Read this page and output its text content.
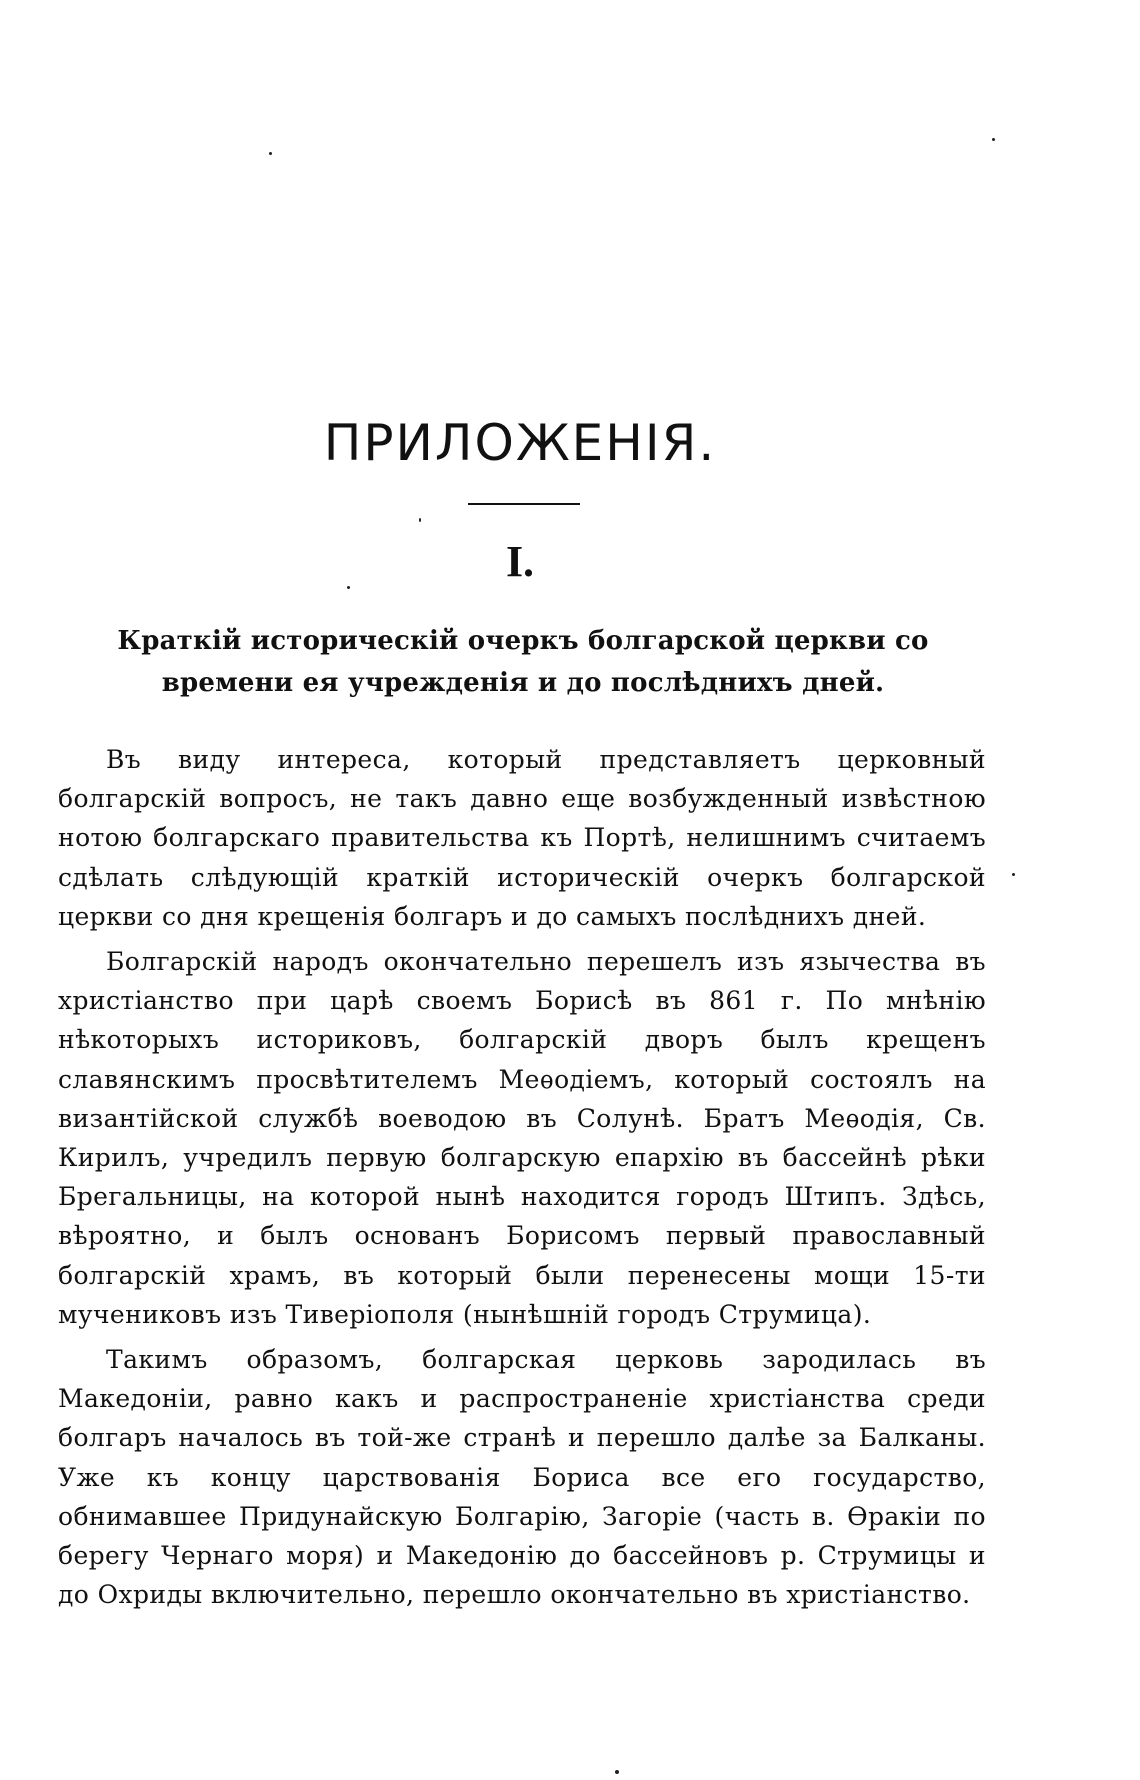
ПРИЛОЖЕНІЯ.
I.
Краткій историческій очеркъ болгарской церкви со времени ея учрежденія и до послѣднихъ дней.

Въ виду интереса, который представляетъ церковный болгарскій вопросъ, не такъ давно еще возбужденный извѣстною нотою болгарскаго правительства къ Портѣ, нелишнимъ считаемъ сдѣлать слѣдующій краткій историческій очеркъ болгарской церкви со дня крещенія болгаръ и до самыхъ послѣднихъ дней.

Болгарскій народъ окончательно перешелъ изъ язычества въ христіанство при царѣ своемъ Борисѣ въ 861 г. По мнѣнію нѣкоторыхъ историковъ, болгарскій дворъ былъ крещенъ славянскимъ просвѣтителемъ Меѳодіемъ, который состоялъ на византійской службѣ воеводою въ Солунѣ. Братъ Меѳодія, Св. Кирилъ, учредилъ первую болгарскую епархію въ бассейнѣ рѣки Брегальницы, на которой нынѣ находится городъ Штипъ. Здѣсь, вѣроятно, и былъ основанъ Борисомъ первый православный болгарскій храмъ, въ который были перенесены мощи 15-ти мучениковъ изъ Тиверіополя (нынѣшній городъ Струмица).

Такимъ образомъ, болгарская церковь зародилась въ Македоніи, равно какъ и распространеніе христіанства среди болгаръ началось въ той-же странѣ и перешло далѣе за Балканы. Уже къ концу царствованія Бориса все его государство, обнимавшее Придунайскую Болгарію, Загоріе (часть в. Ѳракіи по берегу Чернаго моря) и Македонію до бассейновъ р. Струмицы и до Охриды включительно, перешло окончательно въ христіанство.
